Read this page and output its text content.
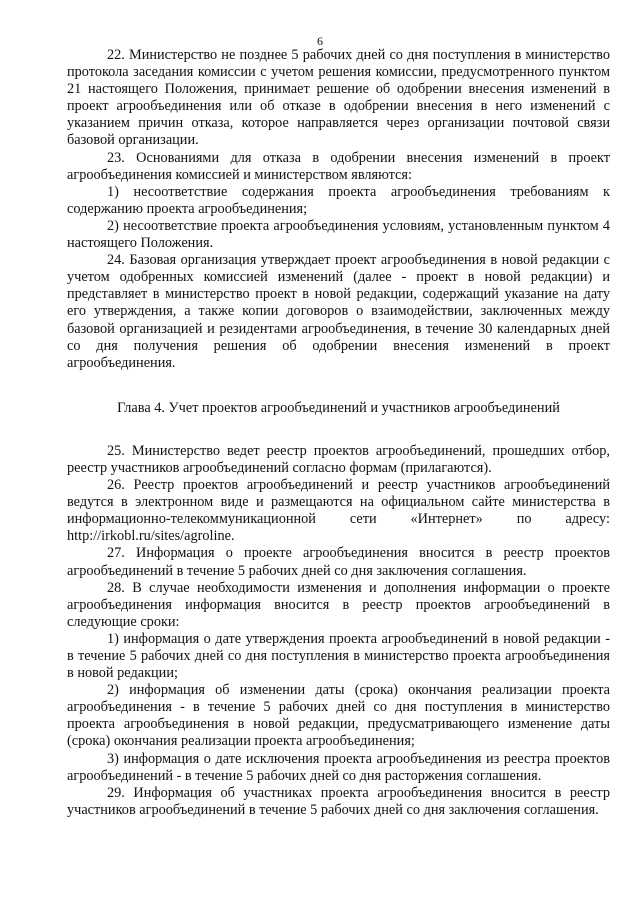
6

22. Министерство не позднее 5 рабочих дней со дня поступления в министерство протокола заседания комиссии с учетом решения комиссии, предусмотренного пунктом 21 настоящего Положения, принимает решение об одобрении внесения изменений в проект агрообъединения или об отказе в одобрении внесения в него изменений с указанием причин отказа, которое направляется через организации почтовой связи базовой организации.

23. Основаниями для отказа в одобрении внесения изменений в проект агрообъединения комиссией и министерством являются:

1) несоответствие содержания проекта агрообъединения требованиям к содержанию проекта агрообъединения;

2) несоответствие проекта агрообъединения условиям, установленным пунктом 4 настоящего Положения.

24. Базовая организация утверждает проект агрообъединения в новой редакции с учетом одобренных комиссией изменений (далее - проект в новой редакции) и представляет в министерство проект в новой редакции, содержащий указание на дату его утверждения, а также копии договоров о взаимодействии, заключенных между базовой организацией и резидентами агрообъединения, в течение 30 календарных дней со дня получения решения об одобрении внесения изменений в проект агрообъединения.

Глава 4. Учет проектов агрообъединений и участников агрообъединений

25. Министерство ведет реестр проектов агрообъединений, прошедших отбор, реестр участников агрообъединений согласно формам (прилагаются).

26. Реестр проектов агрообъединений и реестр участников агрообъединений ведутся в электронном виде и размещаются на официальном сайте министерства в информационно-телекоммуникационной сети «Интернет» по адресу: http://irkobl.ru/sites/agroline.

27. Информация о проекте агрообъединения вносится в реестр проектов агрообъединений в течение 5 рабочих дней со дня заключения соглашения.

28. В случае необходимости изменения и дополнения информации о проекте агрообъединения информация вносится в реестр проектов агрообъединений в следующие сроки:

1) информация о дате утверждения проекта агрообъединений в новой редакции - в течение 5 рабочих дней со дня поступления в министерство проекта агрообъединения в новой редакции;

2) информация об изменении даты (срока) окончания реализации проекта агрообъединения - в течение 5 рабочих дней со дня поступления в министерство проекта агрообъединения в новой редакции, предусматривающего изменение даты (срока) окончания реализации проекта агрообъединения;

3) информация о дате исключения проекта агрообъединения из реестра проектов агрообъединений - в течение 5 рабочих дней со дня расторжения соглашения.

29. Информация об участниках проекта агрообъединения вносится в реестр участников агрообъединений в течение 5 рабочих дней со дня заключения соглашения.
